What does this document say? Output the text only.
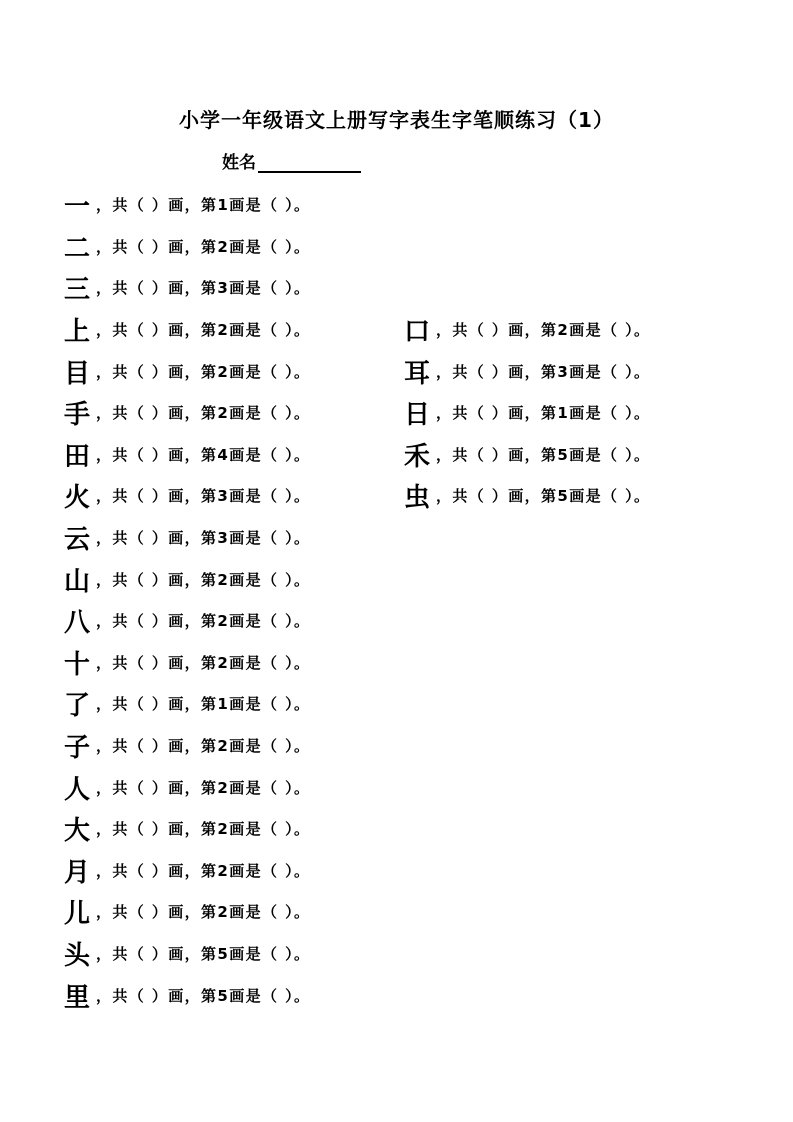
小学一年级语文上册写字表生字笔顺练习（1）
姓名
一 ，共（ ）画，第1画是（ ）。
二 ，共（ ）画，第2画是（ ）。
三 ，共（ ）画，第3画是（ ）。
上 ，共（ ）画，第2画是（ ）。	口 ，共（ ）画，第2画是（ ）。
目 ，共（ ）画，第2画是（ ）。	耳 ，共（ ）画，第3画是（ ）。
手 ，共（ ）画，第2画是（ ）。	日 ，共（ ）画，第1画是（ ）。
田 ，共（ ）画，第4画是（ ）。	禾 ，共（ ）画，第5画是（ ）。
火 ，共（ ）画，第3画是（ ）。	虫 ，共（ ）画，第5画是（ ）。
云 ，共（ ）画，第3画是（ ）。
山 ，共（ ）画，第2画是（ ）。
八 ，共（ ）画，第2画是（ ）。
十 ，共（ ）画，第2画是（ ）。
了 ，共（ ）画，第1画是（ ）。
子 ，共（ ）画，第2画是（ ）。
人 ，共（ ）画，第2画是（ ）。
大 ，共（ ）画，第2画是（ ）。
月 ，共（ ）画，第2画是（ ）。
儿 ，共（ ）画，第2画是（ ）。
头 ，共（ ）画，第5画是（ ）。
里 ，共（ ）画，第5画是（ ）。
